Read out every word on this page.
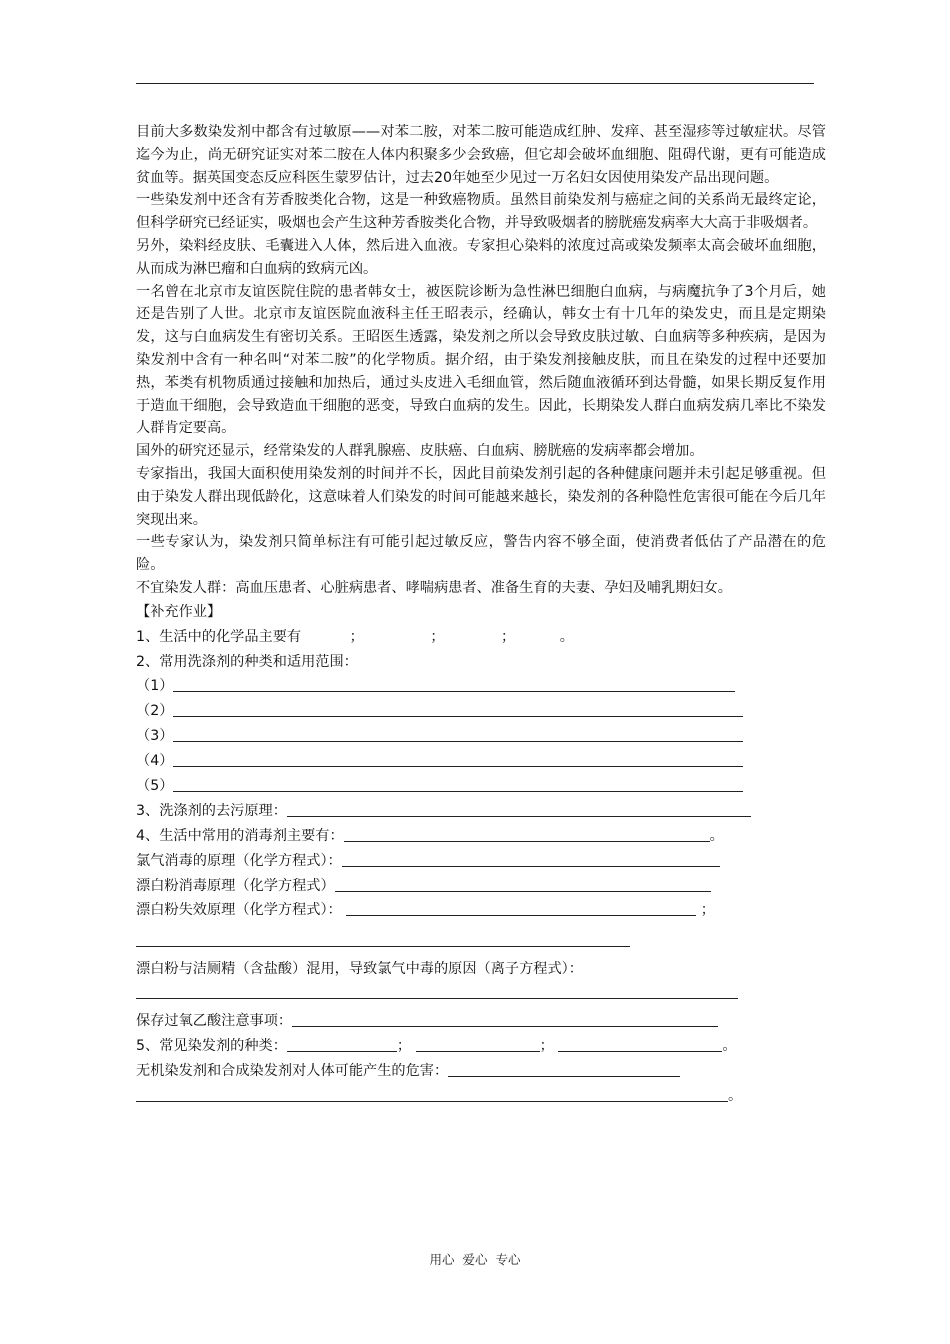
目前大多数染发剂中都含有过敏原——对苯二胺，对苯二胺可能造成红肿、发痒、甚至湿疹等过敏症状。尽管迄今为止，尚无研究证实对苯二胺在人体内积聚多少会致癌，但它却会破坏血细胞、阻碍代谢，更有可能造成贫血等。据英国变态反应科医生蒙罗估计，过去20年她至少见过一万名妇女因使用染发产品出现问题。

一些染发剂中还含有芳香胺类化合物，这是一种致癌物质。虽然目前染发剂与癌症之间的关系尚无最终定论，但科学研究已经证实，吸烟也会产生这种芳香胺类化合物，并导致吸烟者的膀胱癌发病率大大高于非吸烟者。

另外，染料经皮肤、毛囊进入人体，然后进入血液。专家担心染料的浓度过高或染发频率太高会破坏血细胞，从而成为淋巴瘤和白血病的致病元凶。

一名曾在北京市友谊医院住院的患者韩女士，被医院诊断为急性淋巴细胞白血病，与病魔抗争了3个月后，她还是告别了人世。北京市友谊医院血液科主任王昭表示，经确认，韩女士有十几年的染发史，而且是定期染发，这与白血病发生有密切关系。王昭医生透露，染发剂之所以会导致皮肤过敏、白血病等多种疾病，是因为染发剂中含有一种名叫“对苯二胺”的化学物质。据介绍，由于染发剂接触皮肤，而且在染发的过程中还要加热，苯类有机物质通过接触和加热后，通过头皮进入毛细血管，然后随血液循环到达骨髓，如果长期反复作用于造血干细胞，会导致造血干细胞的恶变，导致白血病的发生。因此，长期染发人群白血病发病几率比不染发人群肯定要高。

国外的研究还显示，经常染发的人群乳腺癌、皮肤癌、白血病、膀胱癌的发病率都会增加。

专家指出，我国大面积使用染发剂的时间并不长，因此目前染发剂引起的各种健康问题并未引起足够重视。但由于染发人群出现低龄化，这意味着人们染发的时间可能越来越长，染发剂的各种隐性危害很可能在今后几年突现出来。

一些专家认为，染发剂只简单标注有可能引起过敏反应，警告内容不够全面，使消费者低估了产品潜在的危险。

不宜染发人群：高血压患者、心脏病患者、哮喘病患者、准备生育的夫妻、孕妇及哺乳期妇女。

【补充作业】
1、生活中的化学品主要有	；	；	；	。
2、常用洗涤剂的种类和适用范围：
（1）
（2）
（3）
（4）
（5）
3、洗涤剂的去污原理：
4、生活中常用的消毒剂主要有：	。
氯气消毒的原理（化学方程式）：
漂白粉消毒原理（化学方程式）
漂白粉失效原理（化学方程式）：	；
漂白粉与洁厕精（含盐酸）混用，导致氯气中毒的原因（离子方程式）：
保存过氧乙酸注意事项：
5、常见染发剂的种类：	；	；	。
无机染发剂和合成染发剂对人体可能产生的危害：
。
用心 爱心 专心
